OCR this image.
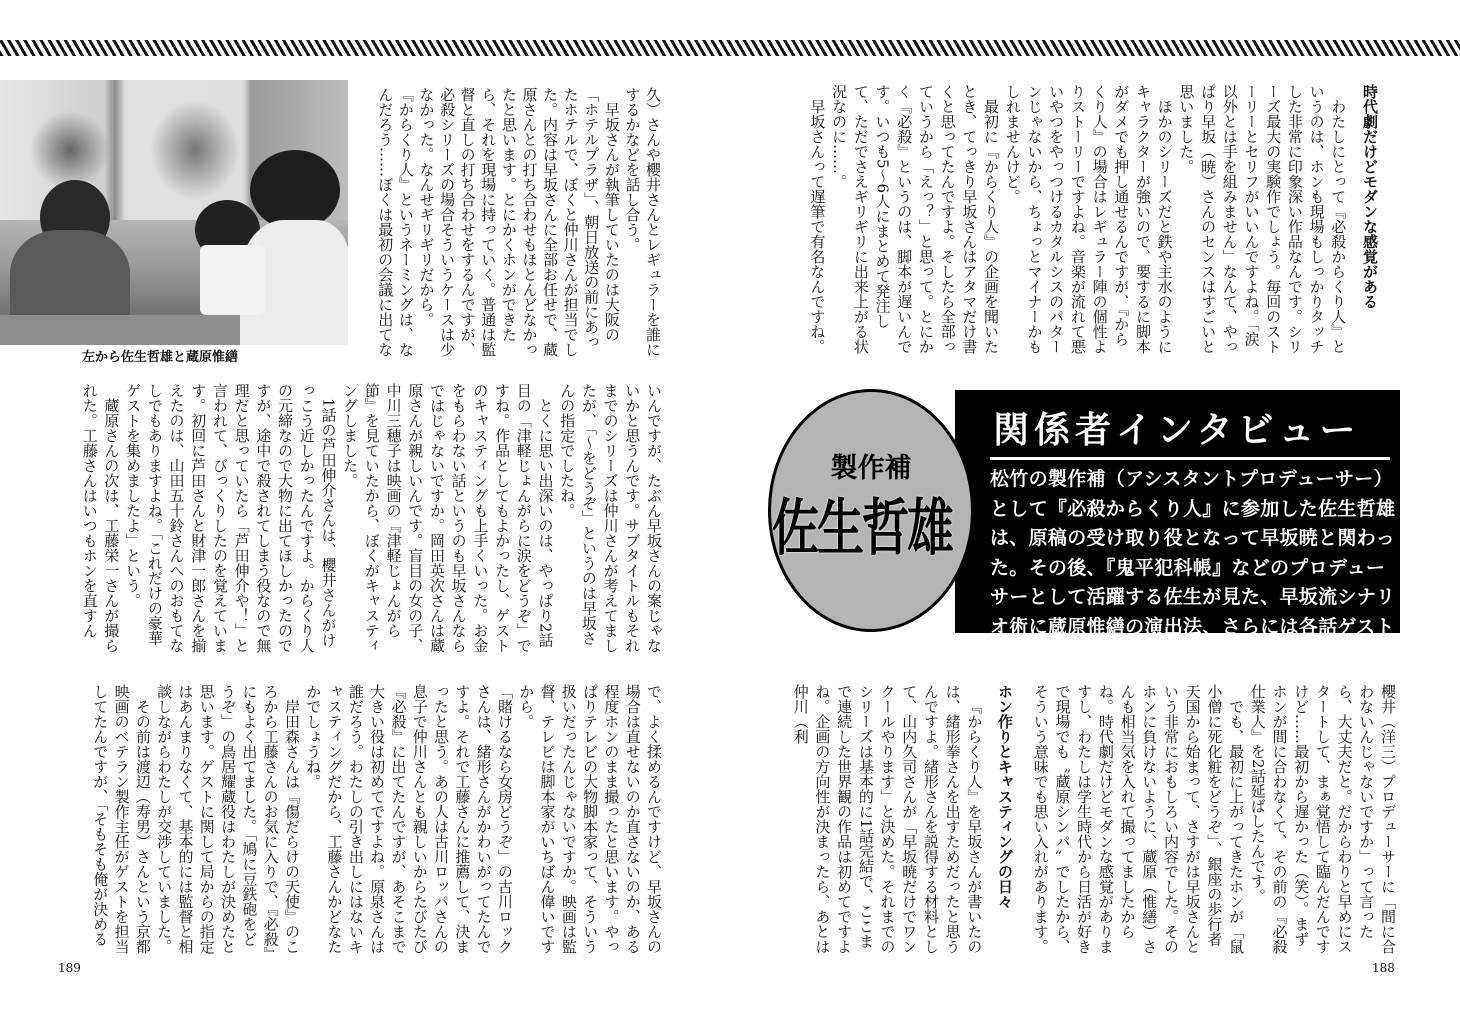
左から佐生哲雄と蔵原惟繕

久）さんや櫻井さんとレギュラーを誰にするかなどを話し合う。

早坂さんが執筆していたのは大阪の「ホテルプラザ」、朝日放送の前にあったホテルで、ぼくと仲川さんが担当でした。内容は早坂さんに全部お任せで、蔵原さんとの打ち合わせもほとんどなかったと思います。とにかくホンができたら、それを現場に持っていく。普通は監督と直しの打ち合わせをするんですが、必殺シリーズの場合そういうケースは少なかった。なんせギリギリだから。

『からくり人』というネーミングは、なんだろう……ぼくは最初の会議に出てな

いんですが、たぶん早坂さんの案じゃないかと思うんです。サブタイトルもそれまでのシリーズは仲川さんが考えてましたが、「〜をどうぞ」というのは早坂さんの指定でしたね。

とくに思い出深いのは、やっぱり2話目の「津軽じょんがらに涙をどうぞ」ですね。作品としてもよかったし、ゲストのキャスティングも上手くいった。お金をもらわない話というのも早坂さんならではじゃないですか。岡田英次さんは蔵原さんが親しいんです。盲目の女の子、中川三穂子は映画の『津軽じょんがら節』を見ていたから、ぼくがキャスティングしました。

1話の芦田伸介さんは、櫻井さんがけっこう近しかったんですよ。からくり人の元締なので大物に出てほしかったのですが、途中で殺されてしまう役なので無理だと思っていたら「芦田伸介や！」と言われて、びっくりしたのを覚えています。初回に芦田さんと財津一郎さんを揃えたのは、山田五十鈴さんへのおもてなしでもありますよね。「これだけの豪華ゲストを集めましたよ」という。

蔵原さんの次は、工藤栄一さんが撮られた。工藤さんはいつもホンを直すん

で、よく揉めるんですけど、早坂さんの場合は直せないのか直さないのか、ある程度ホンのまま撮ったと思います。やっぱりテレビの大物脚本家って、そういう扱いだったんじゃないですか。映画は監督、テレビは脚本家がいちばん偉いですから。

「賭けるなら女房どうぞ」の古川ロックさんは、緒形さんがかわいがってたんですよ。それで工藤さんに推薦して、決まったと思う。あの人は古川ロッパさんの息子で仲川さんとも親しいからたびたび『必殺』に出てたんですが、あそこまで大きい役は初めてですよね。原泉さんは誰だろう。わたしの引き出しにはないキャスティングだから、工藤さんかどなたかでしょうね。

岸田森さんは『傷だらけの天使』のころから工藤さんのお気に入りで、『必殺』にもよく出てました。「鳩に豆鉄砲をどうぞ」の鳥居耀蔵役はわたしが決めたと思います。ゲストに関して局からの指定はあんまりなくて、基本的には監督と相談しながらわたしが交渉していました。

その前は渡辺（寿男）さんという京都映画のベテラン製作主任がゲストを担当してたんですが、「そもそも俺が決める

189
時代劇だけどモダンな感覚がある

わたしにとって『必殺からくり人』というのは、ホンも現場もしっかりタッチした非常に印象深い作品なんです。シリーズ最大の実験作でしょう。毎回のストーリーとセリフがいいんですよね。「涙以外とは手を組みません」なんて、やっぱり早坂（暁）さんのセンスはすごいと思いました。

ほかのシリーズだと鉄や主水のようにキャラクターが強いので、要するに脚本がダメでも押し通せるんですが、『からくり人』の場合はレギュラー陣の個性よりストーリーですよね。音楽が流れて悪いやつをやっつけるカタルシスのパターンじゃないから、ちょっとマイナーかもしれませんけど。

最初に『からくり人』の企画を聞いたとき、てっきり早坂さんはアタマだけ書くと思ってたんですよ。そしたら全部っていうから「えっ？」と思って。とにかく『必殺』というのは、脚本が遅いんです。いつも5〜6人にまとめて発注して、ただでさえギリギリに出来上がる状況なのに……。

早坂さんって遅筆で有名なんですね。

関係者インタビュー
松竹の製作補（アシスタントプロデューサー）として『必殺からくり人』に参加した佐生哲雄は、原稿の受け取り役となって早坂暁と関わった。その後、『鬼平犯科帳』などのプロデューサーとして活躍する佐生が見た、早坂流シナリオ術に蔵原惟繕の演出法、さらには各話ゲストキャスティングの舞台裏！
製作補
佐生哲雄

櫻井（洋三）プロデューサーに「間に合わないんじゃないですか」って言ったら、大丈夫だと。だからわりと早めにスタートして、まぁ覚悟して臨んだんですけど……最初から遅かった（笑）。まずホンが間に合わなくて、その前の『必殺仕業人』を2話延ばしたんです。

でも、最初に上がってきたホンが「鼠小僧に死化粧をどうぞ」、銀座の歩行者天国から始まって、さすがは早坂さんという非常におもしろい内容でした。そのホンに負けないように、蔵原（惟繕）さんも相当気を入れて撮ってましたからね。時代劇だけどモダンな感覚がありますし、わたしは学生時代から日活が好きで現場でも〝蔵原シンパ〟でしたから、そういう意味でも思い入れがあります。

ホン作りとキャスティングの日々

『からくり人』を早坂さんが書いたのは、緒形拳さんを出すためだったと思うんですよ。緒形さんを説得する材料として、山内久司さんが「早坂暁だけでワンクールやります」と決めた。それまでのシリーズは基本的に1話完結で、ここまで連続した世界観の作品は初めてですよね。企画の方向性が決まったら、あとは仲川（利

188
